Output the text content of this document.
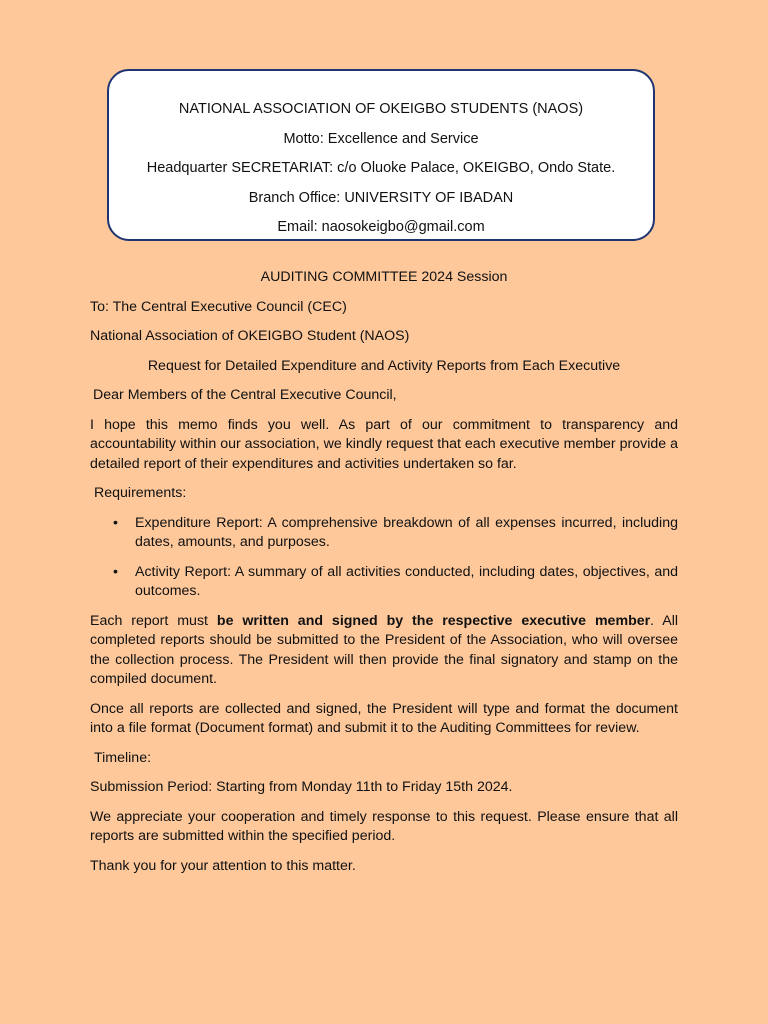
NATIONAL ASSOCIATION OF OKEIGBO STUDENTS (NAOS)
Motto: Excellence and Service
Headquarter SECRETARIAT: c/o Oluoke Palace, OKEIGBO, Ondo State.
Branch Office: UNIVERSITY OF IBADAN
Email: naosokeigbo@gmail.com

AUDITING COMMITTEE 2024 Session

To: The Central Executive Council (CEC)

National Association of OKEIGBO Student (NAOS)

Request for Detailed Expenditure and Activity Reports from Each Executive

Dear Members of the Central Executive Council,

I hope this memo finds you well. As part of our commitment to transparency and accountability within our association, we kindly request that each executive member provide a detailed report of their expenditures and activities undertaken so far.

Requirements:

• Expenditure Report: A comprehensive breakdown of all expenses incurred, including dates, amounts, and purposes.
• Activity Report: A summary of all activities conducted, including dates, objectives, and outcomes.

Each report must be written and signed by the respective executive member. All completed reports should be submitted to the President of the Association, who will oversee the collection process. The President will then provide the final signatory and stamp on the compiled document.

Once all reports are collected and signed, the President will type and format the document into a file format (Document format) and submit it to the Auditing Committees for review.

Timeline:

Submission Period: Starting from Monday 11th to Friday 15th 2024.

We appreciate your cooperation and timely response to this request. Please ensure that all reports are submitted within the specified period.

Thank you for your attention to this matter.
